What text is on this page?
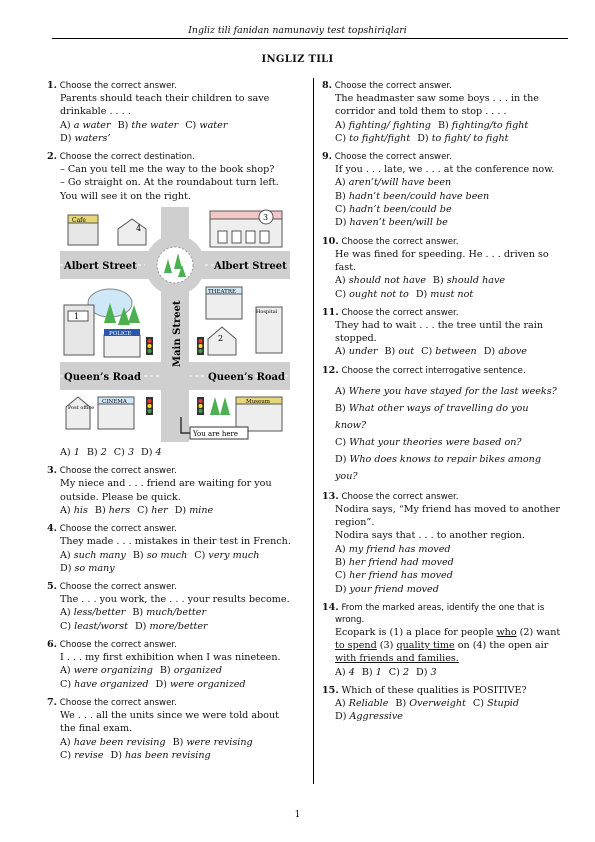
Ingliz tili fanidan namunaviy test topshiriqlari
INGLIZ TILI
1. Choose the correct answer.
Parents should teach their children to save
drinkable . . . .
A) a water B) the water C) water
D) waters’
2. Choose the correct destination.
– Can you tell me the way to the book shop?
– Go straight on. At the roundabout turn left.
You will see it on the right.
Albert Street	Albert Street
Queen’s Road	Queen’s Road
Main Street
Cafe
4
3
1
POLICE
THEATRE
Hospital
2
Post office
CINEMA	Museum
You are here
A) 1 B) 2 C) 3 D) 4
3. Choose the correct answer.
My niece and . . . friend are waiting for you
outside. Please be quick.
A) his B) hers C) her D) mine
4. Choose the correct answer.
They made . . . mistakes in their test in French.
A) such many B) so much C) very much
D) so many
5. Choose the correct answer.
The . . . you work, the . . . your results become.
A) less/better B) much/better
C) least/worst D) more/better
6. Choose the correct answer.
I . . . my first exhibition when I was nineteen.
A) were organizing B) organized
C) have organized D) were organized
7. Choose the correct answer.
We . . . all the units since we were told about
the final exam.
A) have been revising B) were revising
C) revise D) has been revising
8. Choose the correct answer.
The headmaster saw some boys . . . in the
corridor and told them to stop . . . .
A) fighting/ fighting B) fighting/to fight
C) to fight/fight D) to fight/ to fight
9. Choose the correct answer.
If you . . . late, we . . . at the conference now.
A) aren’t/will have been
B) hadn’t been/could have been
C) hadn’t been/could be
D) haven’t been/will be
10. Choose the correct answer.
He was fined for speeding. He . . . driven so
fast.
A) should not have B) should have
C) ought not to D) must not
11. Choose the correct answer.
They had to wait . . . the tree until the rain
stopped.
A) under B) out C) between D) above
12. Choose the correct interrogative sentence.
A) Where you have stayed for the last weeks?
B) What other ways of travelling do you know?
C) What your theories were based on?
D) Who does knows to repair bikes among you?
13. Choose the correct answer.
Nodira says, “My friend has moved to another
region”.
Nodira says that . . . to another region.
A) my friend has moved
B) her friend had moved
C) her friend has moved
D) your friend moved
14. From the marked areas, identify the one that is
wrong.
Ecopark is (1) a place for people who (2) want
to spend (3) quality time on (4) the open air
with friends and families.
A) 4 B) 1 C) 2 D) 3
15. Which of these qualities is POSITIVE?
A) Reliable B) Overweight C) Stupid
D) Aggressive
1
